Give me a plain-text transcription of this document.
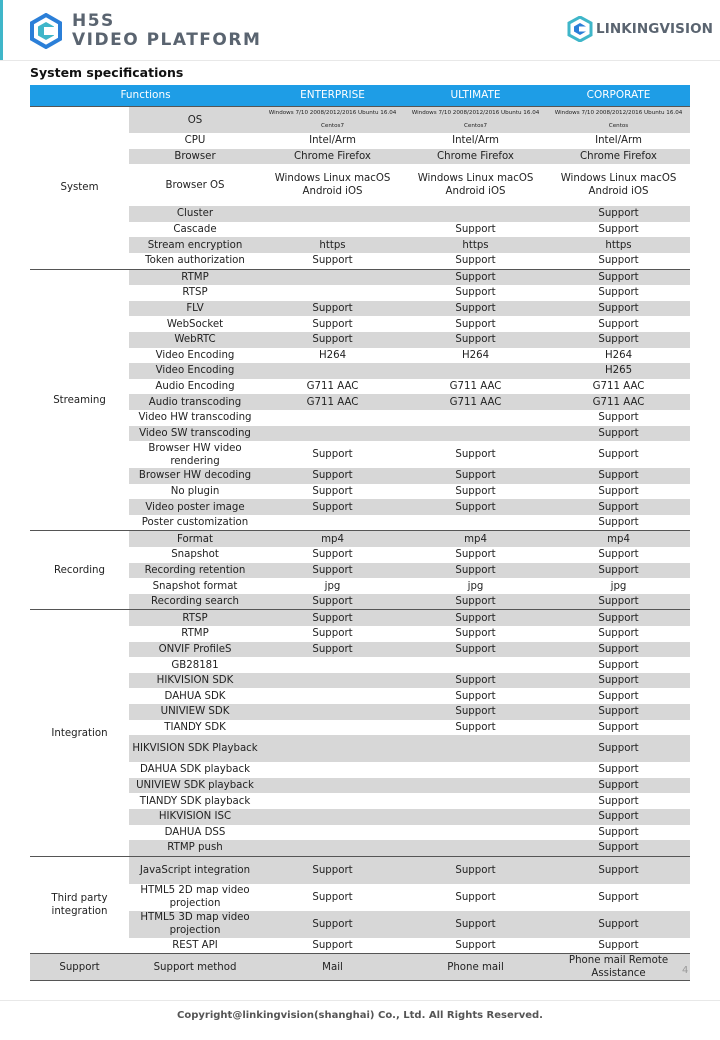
H5S
VIDEO PLATFORM
LINKINGVISION
System specifications
Functions		ENTERPRISE	ULTIMATE	CORPORATE
System	OS	Windows 7/10 2008/2012/2016 Ubuntu 16.04 Centos7	Windows 7/10 2008/2012/2016 Ubuntu 16.04 Centos7	Windows 7/10 2008/2012/2016 Ubuntu 16.04 Centos
	CPU	Intel/Arm	Intel/Arm	Intel/Arm
	Browser	Chrome Firefox	Chrome Firefox	Chrome Firefox
	Browser OS	Windows Linux macOS Android iOS	Windows Linux macOS Android iOS	Windows Linux macOS Android iOS
	Cluster			Support
	Cascade		Support	Support
	Stream encryption	https	https	https
	Token authorization	Support	Support	Support
Streaming	RTMP		Support	Support
	RTSP		Support	Support
	FLV	Support	Support	Support
	WebSocket	Support	Support	Support
	WebRTC	Support	Support	Support
	Video Encoding	H264	H264	H264
	Video Encoding			H265
	Audio Encoding	G711 AAC	G711 AAC	G711 AAC
	Audio transcoding	G711 AAC	G711 AAC	G711 AAC
	Video HW transcoding			Support
	Video SW transcoding			Support
	Browser HW video rendering	Support	Support	Support
	Browser HW decoding	Support	Support	Support
	No plugin	Support	Support	Support
	Video poster image	Support	Support	Support
	Poster customization			Support
Recording	Format	mp4	mp4	mp4
	Snapshot	Support	Support	Support
	Recording retention	Support	Support	Support
	Snapshot format	jpg	jpg	jpg
	Recording search	Support	Support	Support
Integration	RTSP	Support	Support	Support
	RTMP	Support	Support	Support
	ONVIF ProfileS	Support	Support	Support
	GB28181			Support
	HIKVISION SDK		Support	Support
	DAHUA SDK		Support	Support
	UNIVIEW SDK		Support	Support
	TIANDY SDK		Support	Support
	HIKVISION SDK Playback			Support
	DAHUA SDK playback			Support
	UNIVIEW SDK playback			Support
	TIANDY SDK playback			Support
	HIKVISION ISC			Support
	DAHUA DSS			Support
	RTMP push			Support
Third party integration	JavaScript integration	Support	Support	Support
	HTML5 2D map video projection	Support	Support	Support
	HTML5 3D map video projection	Support	Support	Support
	REST API	Support	Support	Support
Support	Support method	Mail	Phone mail	Phone mail Remote Assistance	4
Copyright@linkingvision(shanghai) Co., Ltd. All Rights Reserved.
